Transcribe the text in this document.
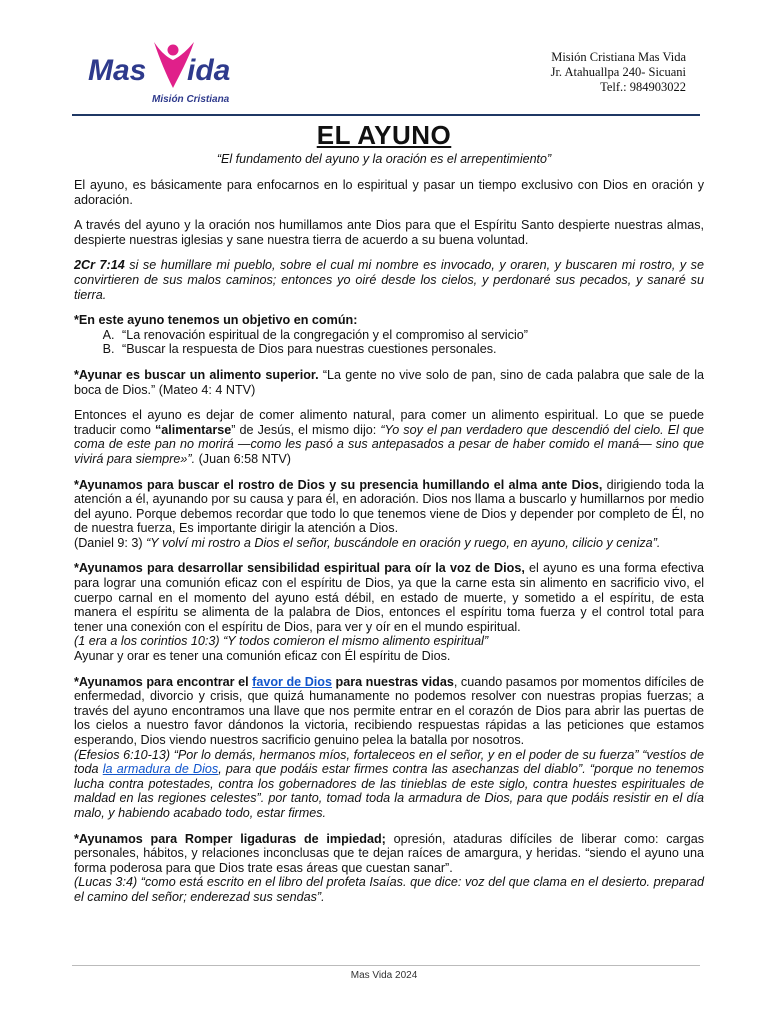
Mas ida
Misión Cristiana
Misión Cristiana Mas Vida
Jr. Atahuallpa 240- Sicuani
Telf.: 984903022
EL AYUNO
“El fundamento del ayuno y la oración es el arrepentimiento”

El ayuno, es básicamente para enfocarnos en lo espiritual y pasar un tiempo exclusivo con Dios en oración y adoración.

A través del ayuno y la oración nos humillamos ante Dios para que el Espíritu Santo despierte nuestras almas, despierte nuestras iglesias y sane nuestra tierra de acuerdo a su buena voluntad.

2Cr 7:14 si se humillare mi pueblo, sobre el cual mi nombre es invocado, y oraren, y buscaren mi rostro, y se convirtieren de sus malos caminos; entonces yo oiré desde los cielos, y perdonaré sus pecados, y sanaré su tierra.

*En este ayuno tenemos un objetivo en común:

A. “La renovación espiritual de la congregación y el compromiso al servicio”
B. “Buscar la respuesta de Dios para nuestras cuestiones personales.

*Ayunar es buscar un alimento superior. “La gente no vive solo de pan, sino de cada palabra que sale de la boca de Dios.” (Mateo 4: 4 NTV)

Entonces el ayuno es dejar de comer alimento natural, para comer un alimento espiritual. Lo que se puede traducir como “alimentarse” de Jesús, el mismo dijo: “Yo soy el pan verdadero que descendió del cielo. El que coma de este pan no morirá —como les pasó a sus antepasados a pesar de haber comido el maná— sino que vivirá para siempre»”. (Juan 6:58 NTV)

*Ayunamos para buscar el rostro de Dios y su presencia humillando el alma ante Dios, dirigiendo toda la atención a él, ayunando por su causa y para él, en adoración. Dios nos llama a buscarlo y humillarnos por medio del ayuno. Porque debemos recordar que todo lo que tenemos viene de Dios y depender por completo de Él, no de nuestra fuerza, Es importante dirigir la atención a Dios.

(Daniel 9: 3) “Y volví mi rostro a Dios el señor, buscándole en oración y ruego, en ayuno, cilicio y ceniza”.

*Ayunamos para desarrollar sensibilidad espiritual para oír la voz de Dios, el ayuno es una forma efectiva para lograr una comunión eficaz con el espíritu de Dios, ya que la carne esta sin alimento en sacrificio vivo, el cuerpo carnal en el momento del ayuno está débil, en estado de muerte, y sometido a el espíritu, de esta manera el espíritu se alimenta de la palabra de Dios, entonces el espíritu toma fuerza y el control total para tener una conexión con el espíritu de Dios, para ver y oír en el mundo espiritual.

(1 era a los corintios 10:3) “Y todos comieron el mismo alimento espiritual”

Ayunar y orar es tener una comunión eficaz con Él espíritu de Dios.

*Ayunamos para encontrar el favor de Dios para nuestras vidas, cuando pasamos por momentos difíciles de enfermedad, divorcio y crisis, que quizá humanamente no podemos resolver con nuestras propias fuerzas; a través del ayuno encontramos una llave que nos permite entrar en el corazón de Dios para abrir las puertas de los cielos a nuestro favor dándonos la victoria, recibiendo respuestas rápidas a las peticiones que estamos esperando, Dios viendo nuestros sacrificio genuino pelea la batalla por nosotros.

(Efesios 6:10-13) “Por lo demás, hermanos míos, fortaleceos en el señor, y en el poder de su fuerza” “vestíos de toda la armadura de Dios, para que podáis estar firmes contra las asechanzas del diablo”. “porque no tenemos lucha contra potestades, contra los gobernadores de las tinieblas de este siglo, contra huestes espirituales de maldad en las regiones celestes”. por tanto, tomad toda la armadura de Dios, para que podáis resistir en el día malo, y habiendo acabado todo, estar firmes.

*Ayunamos para Romper ligaduras de impiedad; opresión, ataduras difíciles de liberar como: cargas personales, hábitos, y relaciones inconclusas que te dejan raíces de amargura, y heridas. “siendo el ayuno una forma poderosa para que Dios trate esas áreas que cuestan sanar”.

(Lucas 3:4) “como está escrito en el libro del profeta Isaías. que dice: voz del que clama en el desierto. preparad el camino del señor; enderezad sus sendas”.

Mas Vida 2024
